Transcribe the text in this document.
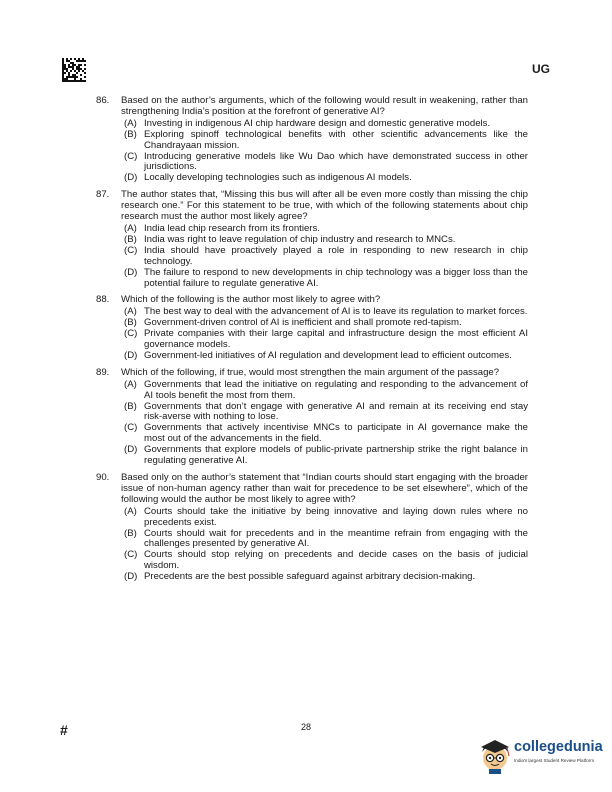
UG
86. Based on the author’s arguments, which of the following would result in weakening, rather than strengthening India’s position at the forefront of generative AI?
(A) Investing in indigenous AI chip hardware design and domestic generative models.
(B) Exploring spinoff technological benefits with other scientific advancements like the Chandrayaan mission.
(C) Introducing generative models like Wu Dao which have demonstrated success in other jurisdictions.
(D) Locally developing technologies such as indigenous AI models.
87. The author states that, “Missing this bus will after all be even more costly than missing the chip research one.” For this statement to be true, with which of the following statements about chip research must the author most likely agree?
(A) India lead chip research from its frontiers.
(B) India was right to leave regulation of chip industry and research to MNCs.
(C) India should have proactively played a role in responding to new research in chip technology.
(D) The failure to respond to new developments in chip technology was a bigger loss than the potential failure to regulate generative AI.
88. Which of the following is the author most likely to agree with?
(A) The best way to deal with the advancement of AI is to leave its regulation to market forces.
(B) Government-driven control of AI is inefficient and shall promote red-tapism.
(C) Private companies with their large capital and infrastructure design the most efficient AI governance models.
(D) Government-led initiatives of AI regulation and development lead to efficient outcomes.
89. Which of the following, if true, would most strengthen the main argument of the passage?
(A) Governments that lead the initiative on regulating and responding to the advancement of AI tools benefit the most from them.
(B) Governments that don’t engage with generative AI and remain at its receiving end stay risk-averse with nothing to lose.
(C) Governments that actively incentivise MNCs to participate in AI governance make the most out of the advancements in the field.
(D) Governments that explore models of public-private partnership strike the right balance in regulating generative AI.
90. Based only on the author’s statement that “Indian courts should start engaging with the broader issue of non-human agency rather than wait for precedence to be set elsewhere”, which of the following would the author be most likely to agree with?
(A) Courts should take the initiative by being innovative and laying down rules where no precedents exist.
(B) Courts should wait for precedents and in the meantime refrain from engaging with the challenges presented by generative AI.
(C) Courts should stop relying on precedents and decide cases on the basis of judicial wisdom.
(D) Precedents are the best possible safeguard against arbitrary decision-making.
#	28
collegedunia
India's largest Student Review Platform
